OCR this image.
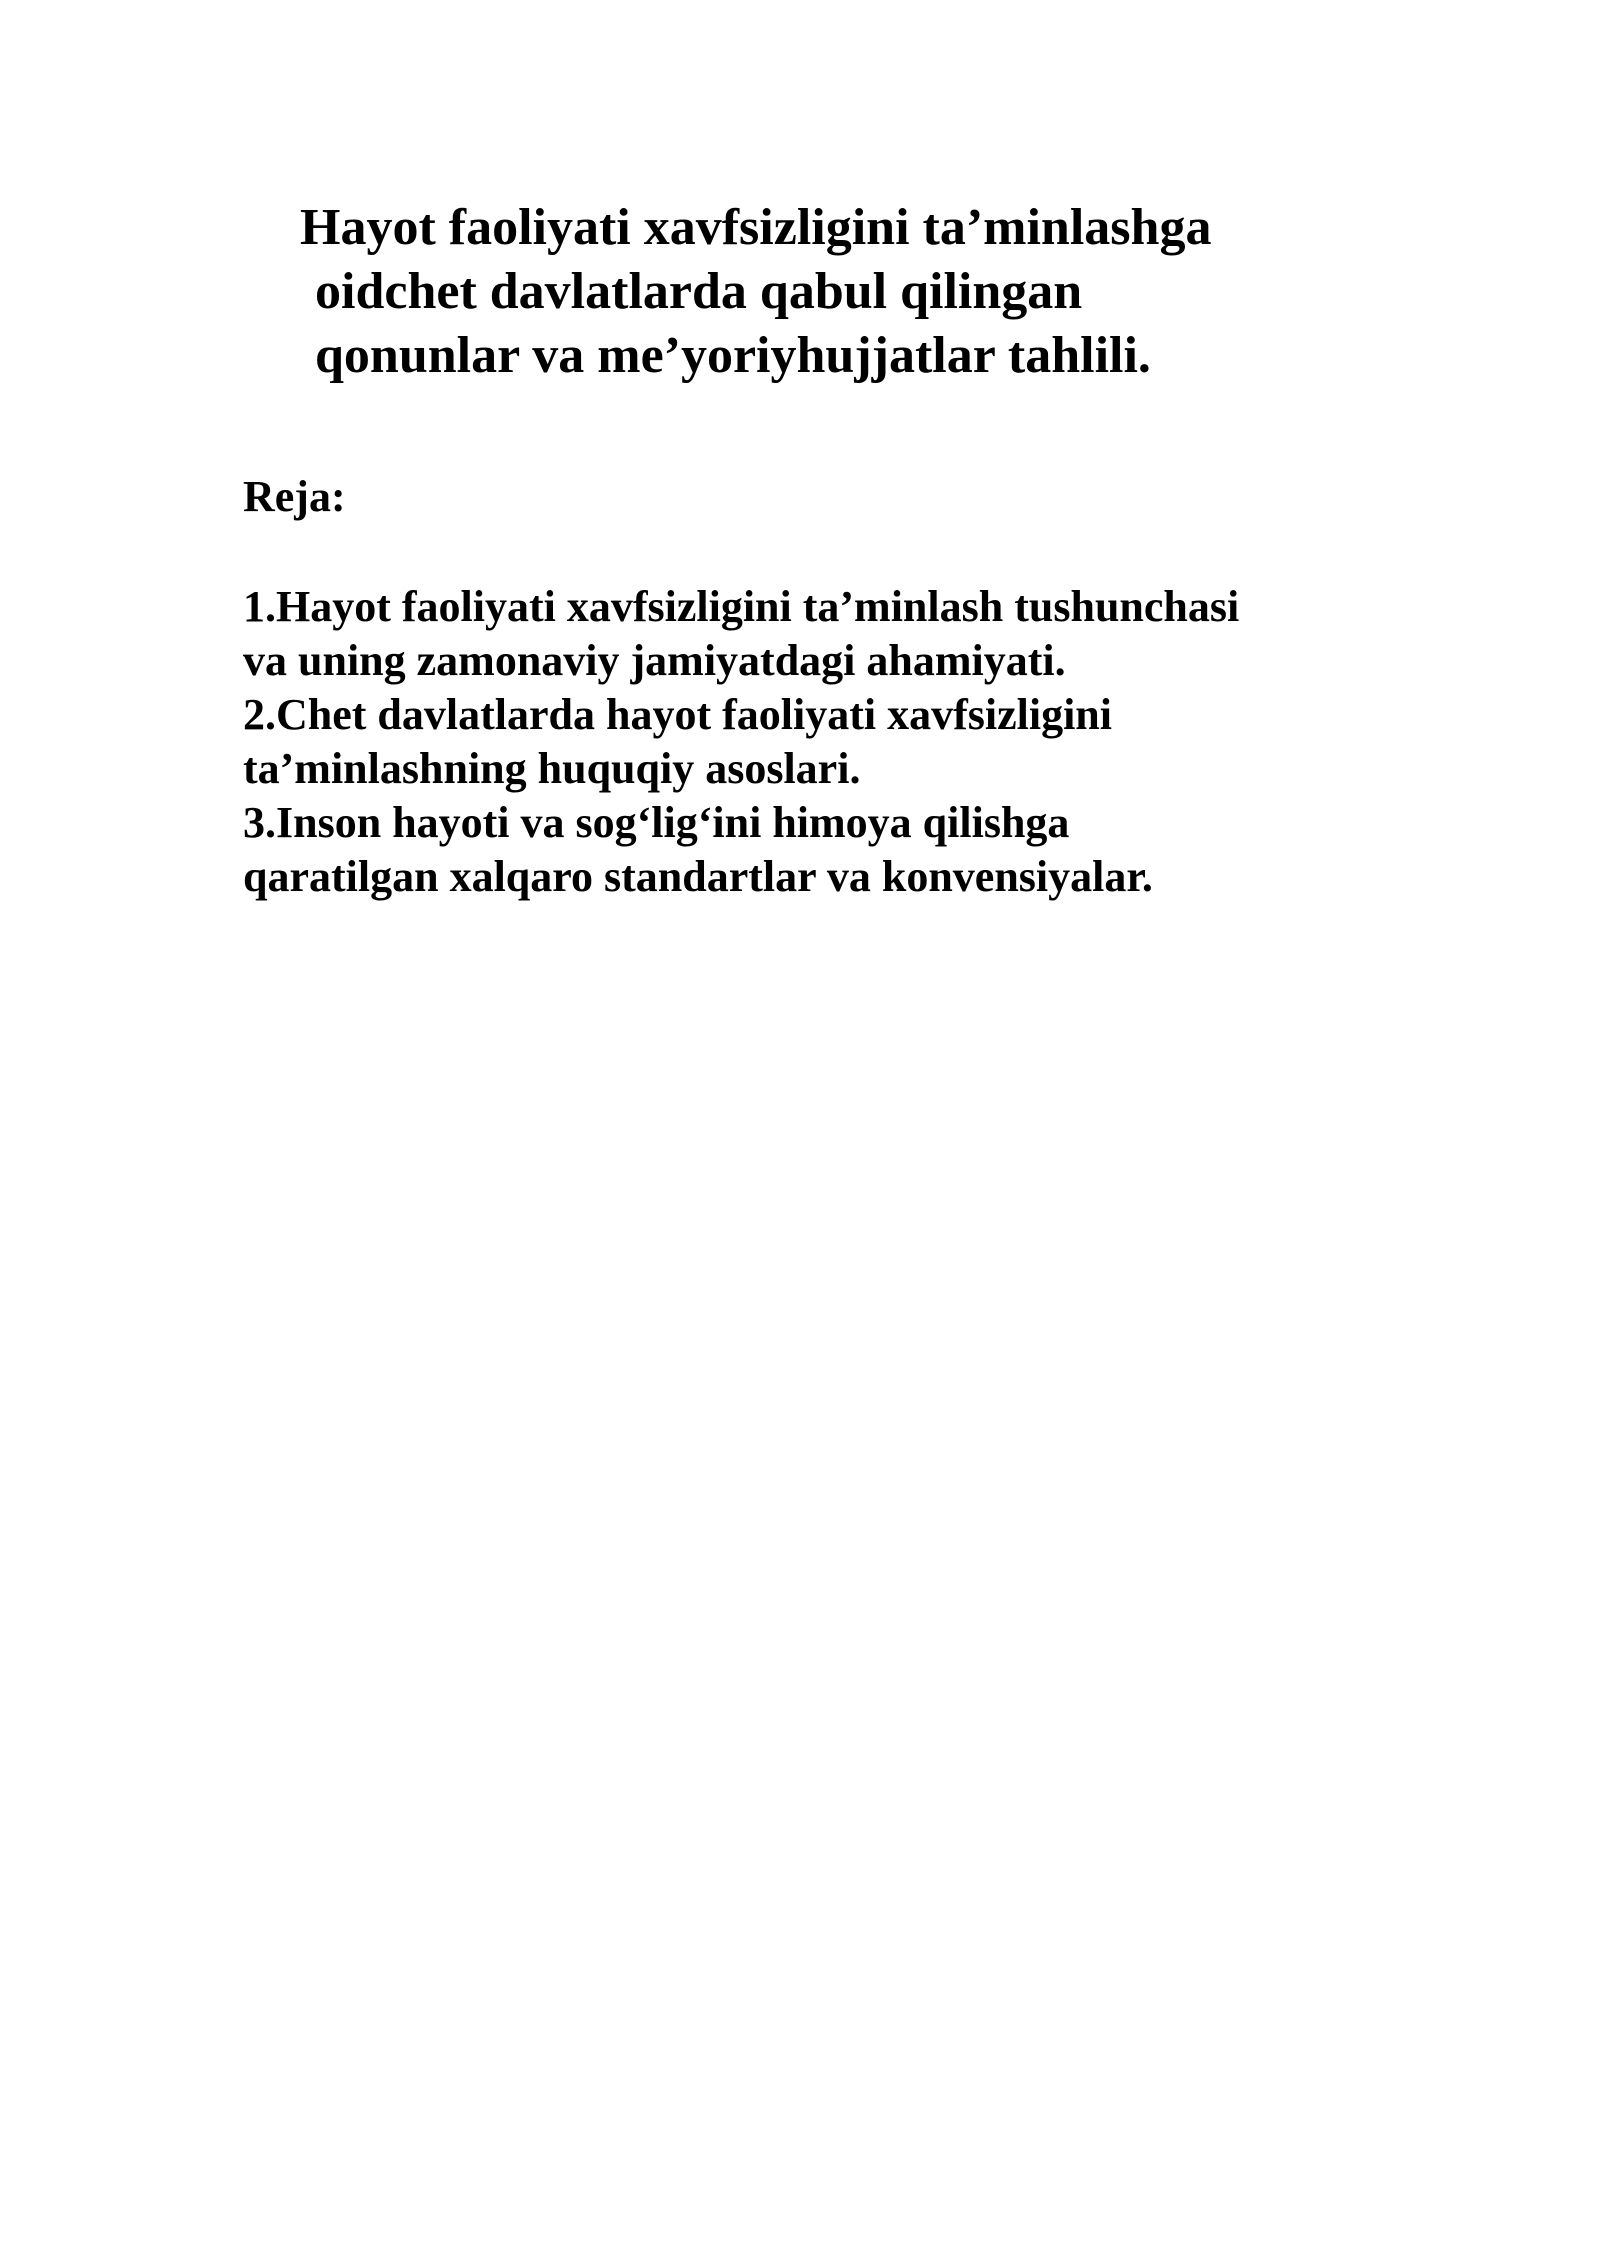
Hayot faoliyati xavfsizligini ta’minlashga
oidchet davlatlarda qabul qilingan
qonunlar va me’yoriyhujjatlar tahlili.
Reja:
1.Hayot faoliyati xavfsizligini ta’minlash tushunchasi
va uning zamonaviy jamiyatdagi ahamiyati.
2.Chet davlatlarda hayot faoliyati xavfsizligini
ta’minlashning huquqiy asoslari.
3.Inson hayoti va sog‘lig‘ini himoya qilishga
qaratilgan xalqaro standartlar va konvensiyalar.
